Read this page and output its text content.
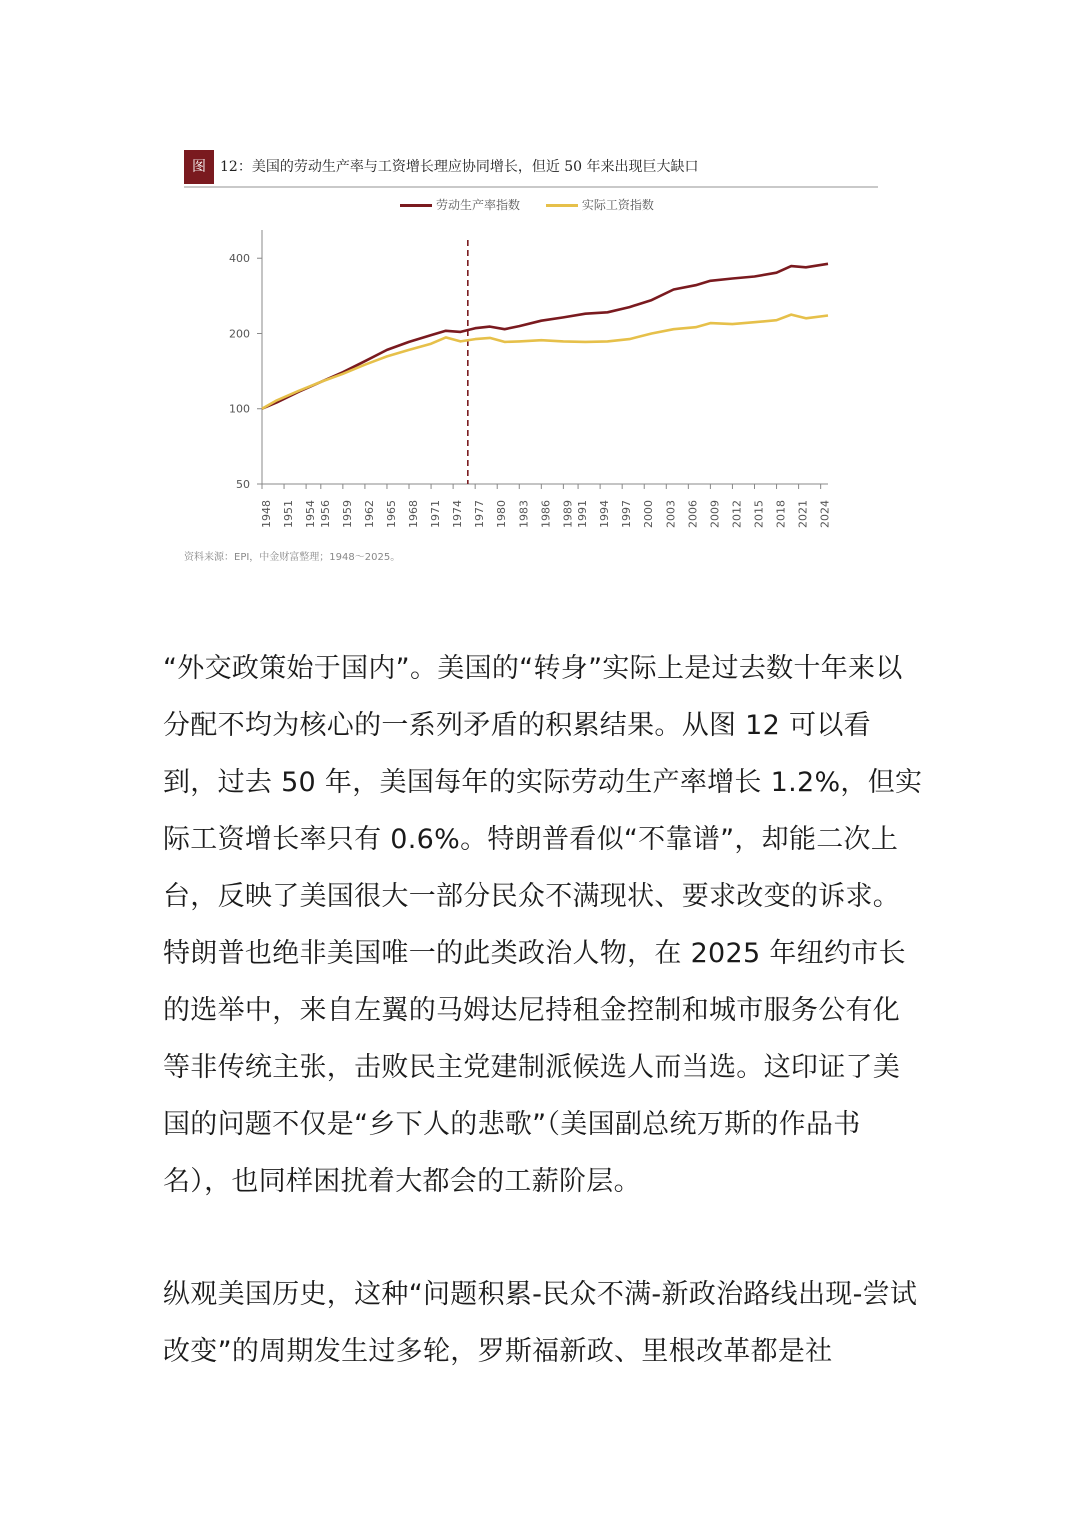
图	12：美国的劳动生产率与工资增长理应协同增长，但近 50 年来出现巨大缺口
劳动生产率指数	实际工资指数
400
200
100
50
1948 1951 1954 1956 1959 1962 1965 1968 1971 1974 1977 1980 1983 1986 1989 1991 1994 1997 2000 2003 2006 2009 2012 2015 2018 2021 2024
资料来源：EPI，中金财富整理；1948～2025。

“外交政策始于国内”。美国的“转身”实际上是过去数十年来以分配不均为核心的一系列矛盾的积累结果。从图 12 可以看到，过去 50 年，美国每年的实际劳动生产率增长 1.2%，但实际工资增长率只有 0.6%。特朗普看似“不靠谱”，却能二次上台，反映了美国很大一部分民众不满现状、要求改变的诉求。特朗普也绝非美国唯一的此类政治人物，在 2025 年纽约市长的选举中，来自左翼的马姆达尼持租金控制和城市服务公有化等非传统主张，击败民主党建制派候选人而当选。这印证了美国的问题不仅是“乡下人的悲歌”（美国副总统万斯的作品书名），也同样困扰着大都会的工薪阶层。

纵观美国历史，这种“问题积累-民众不满-新政治路线出现-尝试改变”的周期发生过多轮，罗斯福新政、里根改革都是社
